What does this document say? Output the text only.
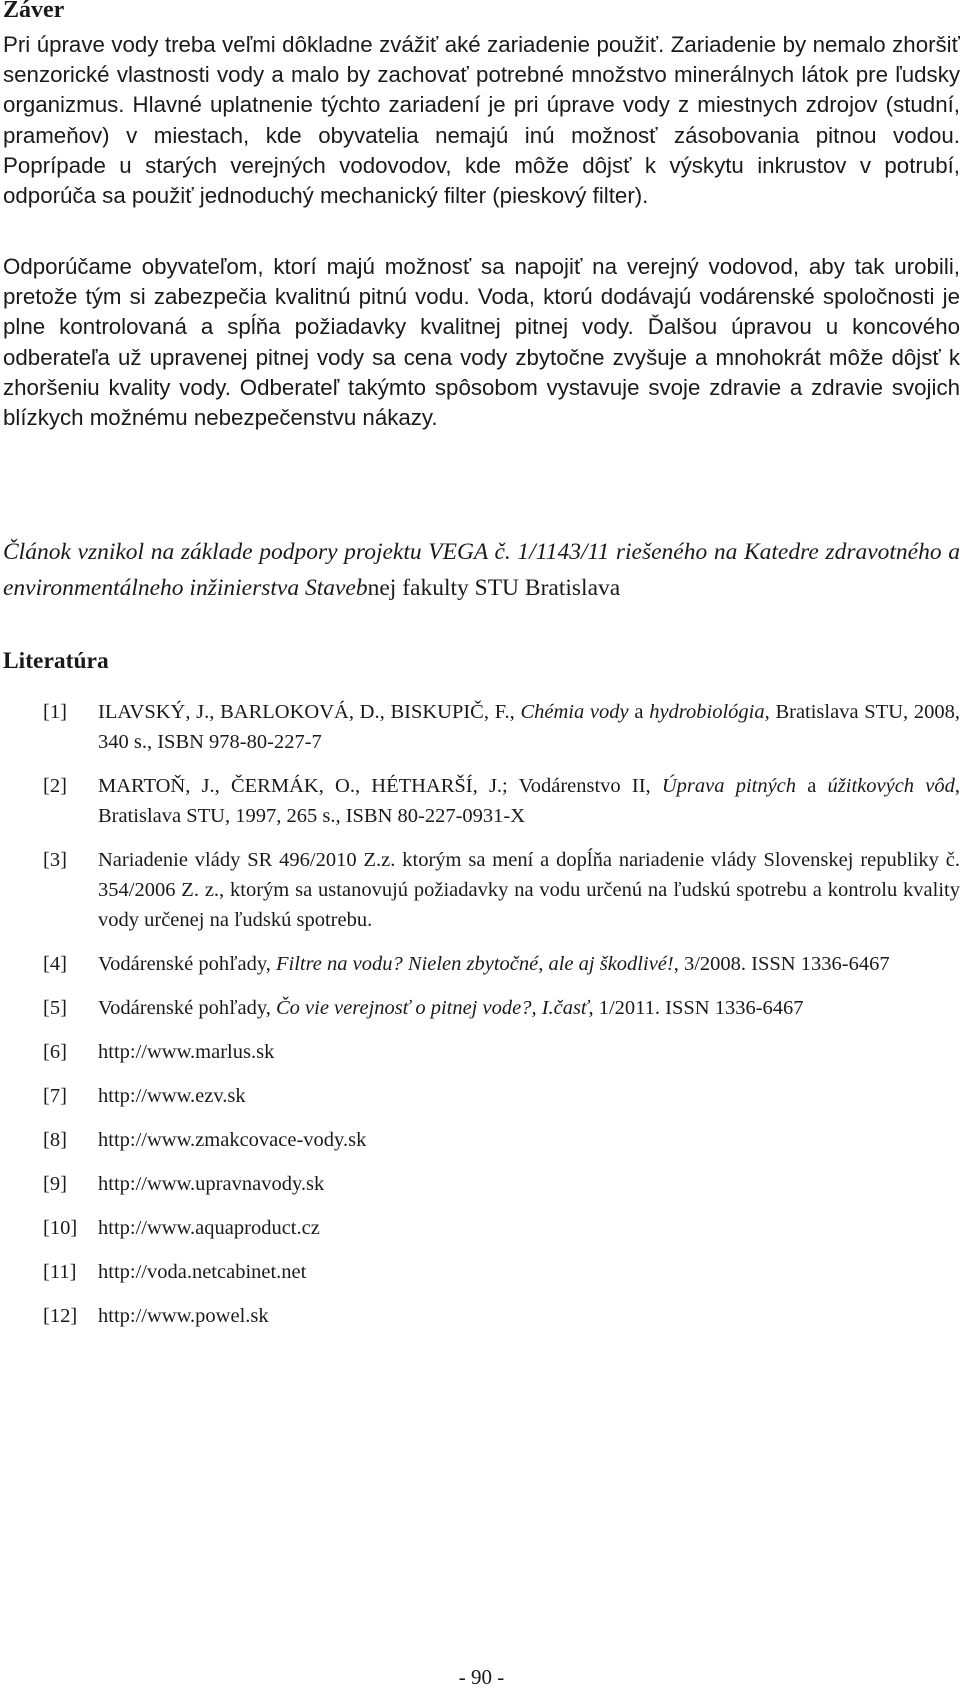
Záver

Pri úprave vody treba veľmi dôkladne zvážiť aké zariadenie použiť. Zariadenie by nemalo zhoršiť senzorické vlastnosti vody a malo by zachovať potrebné množstvo minerálnych látok pre ľudsky organizmus. Hlavné uplatnenie týchto zariadení je pri úprave vody z miestnych zdrojov (studní, prameňov) v miestach, kde obyvatelia nemajú inú možnosť zásobovania pitnou vodou. Poprípade u starých verejných vodovodov, kde môže dôjsť k výskytu inkrustov v potrubí, odporúča sa použiť jednoduchý mechanický filter (pieskový filter).

Odporúčame obyvateľom, ktorí majú možnosť sa napojiť na verejný vodovod, aby tak urobili, pretože tým si zabezpečia kvalitnú pitnú vodu. Voda, ktorú dodávajú vodárenské spoločnosti je plne kontrolovaná a spĺňa požiadavky kvalitnej pitnej vody. Ďalšou úpravou u koncového odberateľa už upravenej pitnej vody sa cena vody zbytočne zvyšuje a mnohokrát môže dôjsť k zhoršeniu kvality vody. Odberateľ takýmto spôsobom vystavuje svoje zdravie a zdravie svojich blízkych možnému nebezpečenstvu nákazy.

Článok vznikol na základe podpory projektu VEGA č. 1/1143/11 riešeného na Katedre zdravotného a environmentálneho inžinierstva Stavebnej fakulty STU Bratislava

Literatúra
[1]	ILAVSKÝ, J., BARLOKOVÁ, D., BISKUPIČ, F., Chémia vody a hydrobiológia, Bratislava STU, 2008, 340 s., ISBN 978-80-227-7
[2]	MARTOŇ, J., ČERMÁK, O., HÉTHARŠÍ, J.; Vodárenstvo II, Úprava pitných a úžitkových vôd, Bratislava STU, 1997, 265 s., ISBN 80-227-0931-X
[3]	Nariadenie vlády SR 496/2010 Z.z. ktorým sa mení a dopĺňa nariadenie vlády Slovenskej republiky č. 354/2006 Z. z., ktorým sa ustanovujú požiadavky na vodu určenú na ľudskú spotrebu a kontrolu kvality vody určenej na ľudskú spotrebu.
[4]	Vodárenské pohľady, Filtre na vodu? Nielen zbytočné, ale aj škodlivé!, 3/2008. ISSN 1336-6467
[5]	Vodárenské pohľady, Čo vie verejnosť o pitnej vode?, I.časť, 1/2011. ISSN 1336-6467
[6]	http://www.marlus.sk
[7]	http://www.ezv.sk
[8]	http://www.zmakcovace-vody.sk
[9]	http://www.upravnavody.sk
[10]	http://www.aquaproduct.cz
[11]	http://voda.netcabinet.net
[12]	http://www.powel.sk
- 90 -
